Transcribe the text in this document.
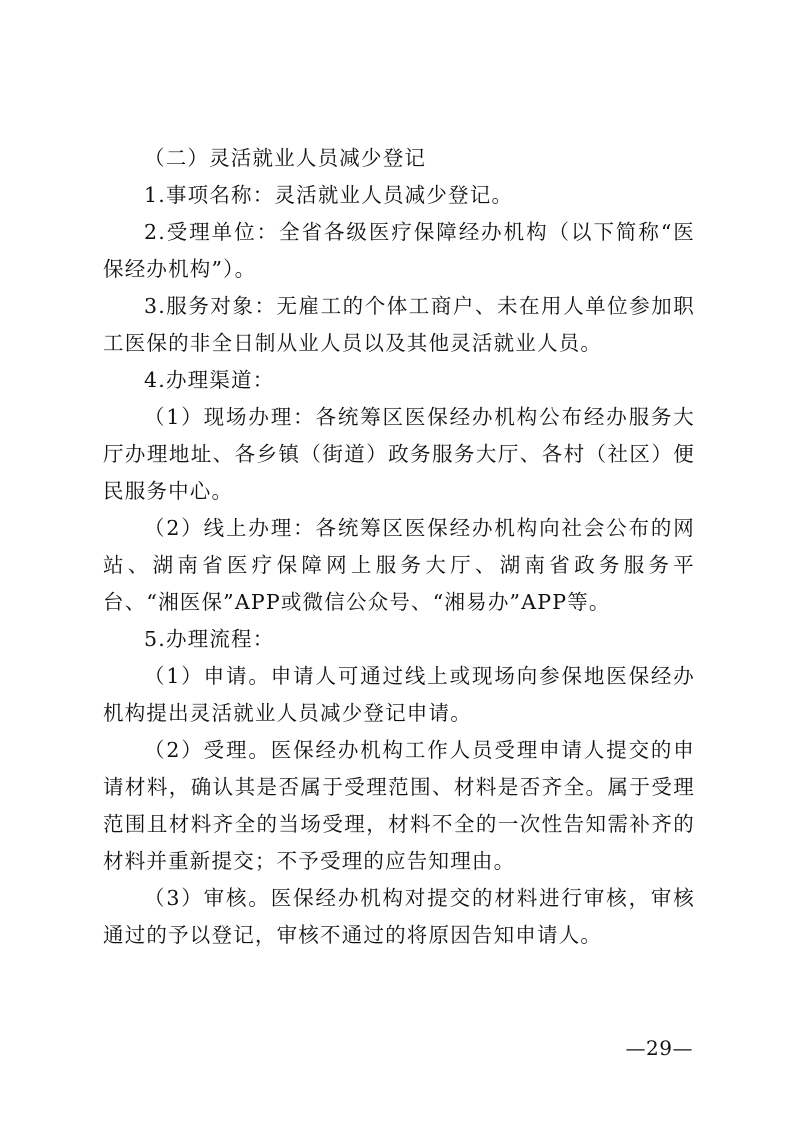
（二）灵活就业人员减少登记

1.事项名称：灵活就业人员减少登记。

2.受理单位：全省各级医疗保障经办机构（以下简称“医保经办机构”）。

3.服务对象：无雇工的个体工商户、未在用人单位参加职工医保的非全日制从业人员以及其他灵活就业人员。

4.办理渠道：

（1）现场办理：各统筹区医保经办机构公布经办服务大厅办理地址、各乡镇（街道）政务服务大厅、各村（社区）便民服务中心。

（2）线上办理：各统筹区医保经办机构向社会公布的网站、湖南省医疗保障网上服务大厅、湖南省政务服务平台、“湘医保”APP或微信公众号、“湘易办”APP等。

5.办理流程：

（1）申请。申请人可通过线上或现场向参保地医保经办机构提出灵活就业人员减少登记申请。

（2）受理。医保经办机构工作人员受理申请人提交的申请材料，确认其是否属于受理范围、材料是否齐全。属于受理范围且材料齐全的当场受理，材料不全的一次性告知需补齐的材料并重新提交；不予受理的应告知理由。

（3）审核。医保经办机构对提交的材料进行审核，审核通过的予以登记，审核不通过的将原因告知申请人。

—29—
